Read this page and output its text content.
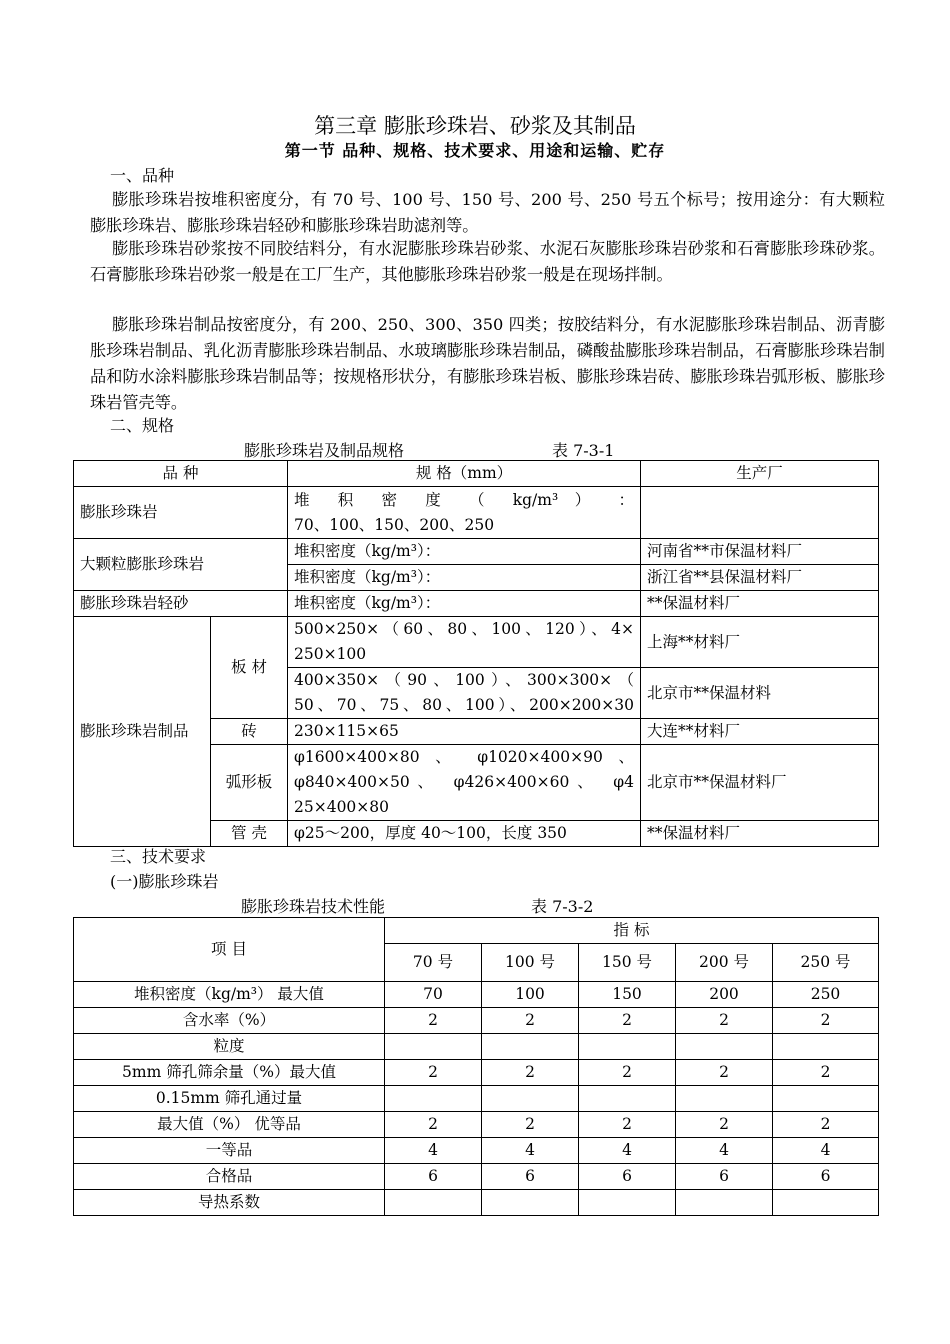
第三章 膨胀珍珠岩、砂浆及其制品
第一节 品种、规格、技术要求、用途和运输、贮存
一、品种
膨胀珍珠岩按堆积密度分，有 70 号、100 号、150 号、200 号、250 号五个标号；按用途分：有大颗粒膨胀珍珠岩、膨胀珍珠岩轻砂和膨胀珍珠岩助滤剂等。
膨胀珍珠岩砂浆按不同胶结料分，有水泥膨胀珍珠岩砂浆、水泥石灰膨胀珍珠岩砂浆和石膏膨胀珍珠砂浆。石膏膨胀珍珠岩砂浆一般是在工厂生产，其他膨胀珍珠岩砂浆一般是在现场拌制。
膨胀珍珠岩制品按密度分，有 200、250、300、350 四类；按胶结料分，有水泥膨胀珍珠岩制品、沥青膨胀珍珠岩制品、乳化沥青膨胀珍珠岩制品、水玻璃膨胀珍珠岩制品，磷酸盐膨胀珍珠岩制品，石膏膨胀珍珠岩制品和防水涂料膨胀珍珠岩制品等；按规格形状分，有膨胀珍珠岩板、膨胀珍珠岩砖、膨胀珍珠岩弧形板、膨胀珍珠岩管壳等。
二、规格
膨胀珍珠岩及制品规格	表 7-3-1
品 种		规 格（mm）	生产厂
膨胀珍珠岩		堆 积 密 度 （ kg/m³ ） ：
70、100、150、200、250	

大颗粒膨胀珍珠岩		堆积密度（kg/m³）：	河南省**市保温材料厂
		堆积密度（kg/m³）：	浙江省**县保温材料厂
膨胀珍珠岩轻砂		堆积密度（kg/m³）：	**保温材料厂
膨胀珍珠岩制品	板 材	500×250×（60、80、100、120）、4×
250×100	上海**材料厂

		400×350×（90、100）、300×300×（
50、70、75、80、100）、200×200×30	北京市**保温材料
	砖	230×115×65	大连**材料厂
	弧形板	φ1600×400×80 、 φ1020×400×90 、
φ840×400×50、 φ426×400×60、 φ4
25×400×80	北京市**保温材料厂
	管 壳	φ25～200，厚度 40～100，长度 350	**保温材料厂
三、技术要求
(一)膨胀珍珠岩
膨胀珍珠岩技术性能	表 7-3-2
项 目	指 标				
	70 号	100 号	150 号	200 号	250 号
堆积密度（kg/m³） 最大值	70	100	150	200	250
含水率（%）	2	2	2	2	2
粒度					
5mm 筛孔筛余量（%）最大值	2	2	2	2	2
0.15mm 筛孔通过量					
最大值（%） 优等品	2	2	2	2	2
一等品	4	4	4	4	4
合格品	6	6	6	6	6
导热系数					
